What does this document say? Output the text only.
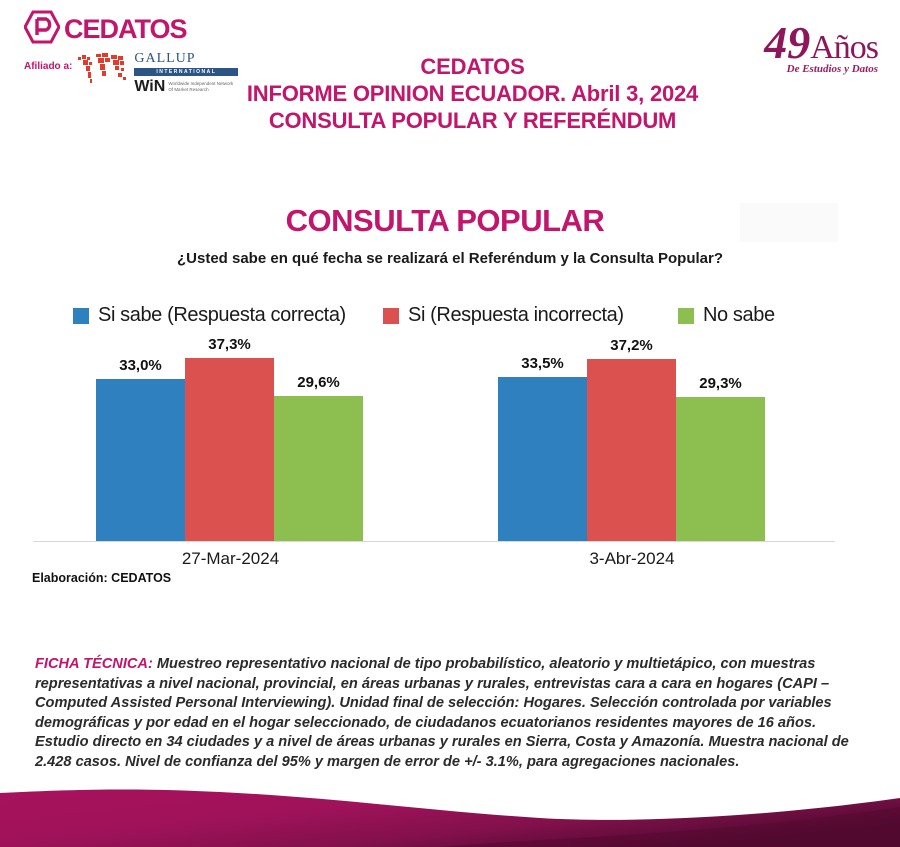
CEDATOS
Afiliado a:
GALLUP
INTERNATIONAL
WiN Worldwide Independent Network Of Market Research
CEDATOS
INFORME OPINION ECUADOR. Abril 3, 2024
CONSULTA POPULAR Y REFERÉNDUM
49Años
De Estudios y Datos
CONSULTA POPULAR
¿Usted sabe en qué fecha se realizará el Referéndum y la Consulta Popular?
Si sabe (Respuesta correcta)	Si (Respuesta incorrecta)	No sabe
33,0%
37,3%
29,6%
33,5%
37,2%
29,3%
27-Mar-2024	3-Abr-2024
Elaboración: CEDATOS
FICHA TÉCNICA: Muestreo representativo nacional de tipo probabilístico, aleatorio y multietápico, con muestras representativas a nivel nacional, provincial, en áreas urbanas y rurales, entrevistas cara a cara en hogares (CAPI – Computed Assisted Personal Interviewing). Unidad final de selección: Hogares. Selección controlada por variables demográficas y por edad en el hogar seleccionado, de ciudadanos ecuatorianos residentes mayores de 16 años. Estudio directo en 34 ciudades y a nivel de áreas urbanas y rurales en Sierra, Costa y Amazonía. Muestra nacional de 2.428 casos. Nivel de confianza del 95% y margen de error de +/- 3.1%, para agregaciones nacionales.
